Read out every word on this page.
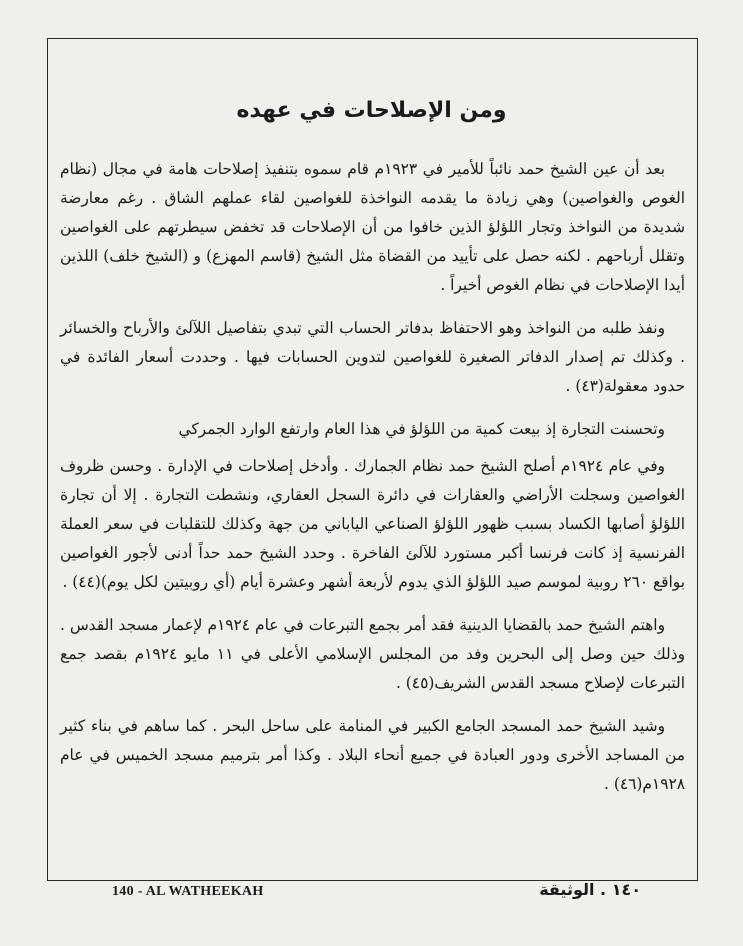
ومن الإصلاحات في عهده

بعد أن عين الشيخ حمد نائباً للأمير في ١٩٢٣م قام سموه بتنفيذ إصلاحات هامة في مجال (نظام الغوص والغواصين) وهي زيادة ما يقدمه النواخذة للغواصين لقاء عملهم الشاق . رغم معارضة شديدة من النواخذ وتجار اللؤلؤ الذين خافوا من أن الإصلاحات قد تخفض سيطرتهم على الغواصين وتقلل أرباحهم . لكنه حصل على تأييد من القضاة مثل الشيخ (قاسم المهزع) و (الشيخ خلف) اللذين أيدا الإصلاحات في نظام الغوص أخيراً .

ونفذ طلبه من النواخذ وهو الاحتفاظ بدفاتر الحساب التي تبدي بتفاصيل اللآلئ والأرباح والخسائر . وكذلك تم إصدار الدفاتر الصغيرة للغواصين لتدوين الحسابات فيها . وحددت أسعار الفائدة في حدود معقولة(٤٣) .

وتحسنت التجارة إذ بيعت كمية من اللؤلؤ في هذا العام وارتفع الوارد الجمركي

وفي عام ١٩٢٤م أصلح الشيخ حمد نظام الجمارك . وأدخل إصلاحات في الإدارة . وحسن ظروف الغواصين وسجلت الأراضي والعقارات في دائرة السجل العقاري، ونشطت التجارة . إلا أن تجارة اللؤلؤ أصابها الكساد بسبب ظهور اللؤلؤ الصناعي الياباني من جهة وكذلك للتقلبات في سعر العملة الفرنسية إذ كانت فرنسا أكبر مستورد للآلئ الفاخرة . وحدد الشيخ حمد حداً أدنى لأجور الغواصين بواقع ٢٦٠ روبية لموسم صيد اللؤلؤ الذي يدوم لأربعة أشهر وعشرة أيام (أي روبيتين لكل يوم)(٤٤) .

واهتم الشيخ حمد بالقضايا الدينية فقد أمر بجمع التبرعات في عام ١٩٢٤م لإعمار مسجد القدس . وذلك حين وصل إلى البحرين وفد من المجلس الإسلامي الأعلى في ١١ مايو ١٩٢٤م بقصد جمع التبرعات لإصلاح مسجد القدس الشريف(٤٥) .

وشيد الشيخ حمد المسجد الجامع الكبير في المنامة على ساحل البحر . كما ساهم في بناء كثير من المساجد الأخرى ودور العبادة في جميع أنحاء البلاد . وكذا أمر بترميم مسجد الخميس في عام ١٩٢٨م(٤٦) .

140 - AL WATHEEKAH	١٤٠ . الوثيقة
